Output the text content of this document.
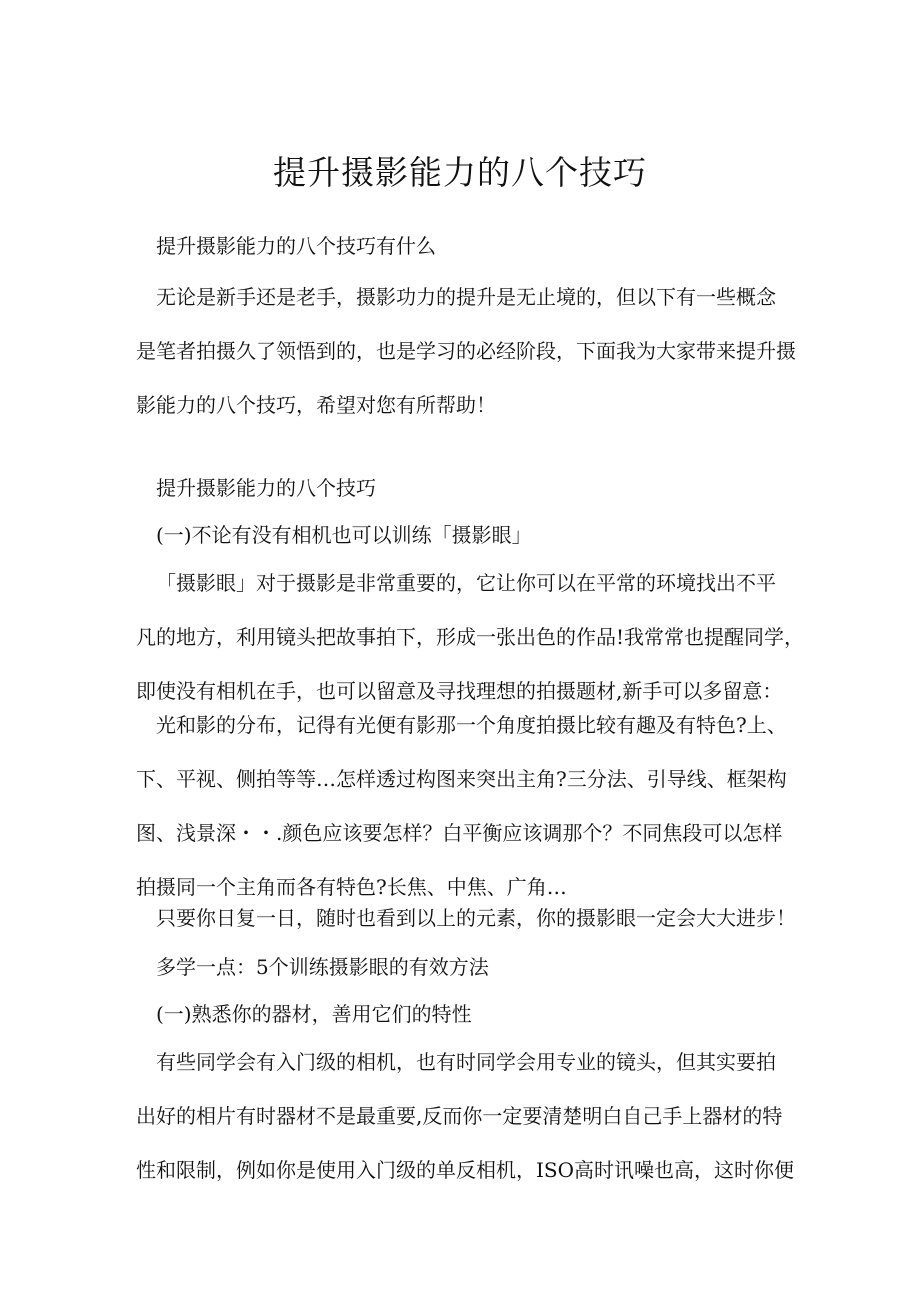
提升摄影能力的八个技巧

提升摄影能力的八个技巧有什么

无论是新手还是老手，摄影功力的提升是无止境的，但以下有一些概念
是笔者拍摄久了领悟到的，也是学习的必经阶段，下面我为大家带来提升摄
影能力的八个技巧，希望对您有所帮助！

提升摄影能力的八个技巧

(一)不论有没有相机也可以训练「摄影眼」

「摄影眼」对于摄影是非常重要的，它让你可以在平常的环境找出不平
凡的地方，利用镜头把故事拍下，形成一张出色的作品!我常常也提醒同学，
即使没有相机在手，也可以留意及寻找理想的拍摄题材,新手可以多留意：
光和影的分布，记得有光便有影那一个角度拍摄比较有趣及有特色?上、
下、平视、侧拍等等…怎样透过构图来突出主角?三分法、引导线、框架构
图、浅景深・・.颜色应该要怎样？白平衡应该调那个？不同焦段可以怎样
拍摄同一个主角而各有特色?长焦、中焦、广角…

只要你日复一日，随时也看到以上的元素，你的摄影眼一定会大大进步！

多学一点：5个训练摄影眼的有效方法

(一)熟悉你的器材，善用它们的特性

有些同学会有入门级的相机，也有时同学会用专业的镜头，但其实要拍
出好的相片有时器材不是最重要,反而你一定要清楚明白自己手上器材的特
性和限制，例如你是使用入门级的单反相机，ISO高时讯噪也高，这时你便
